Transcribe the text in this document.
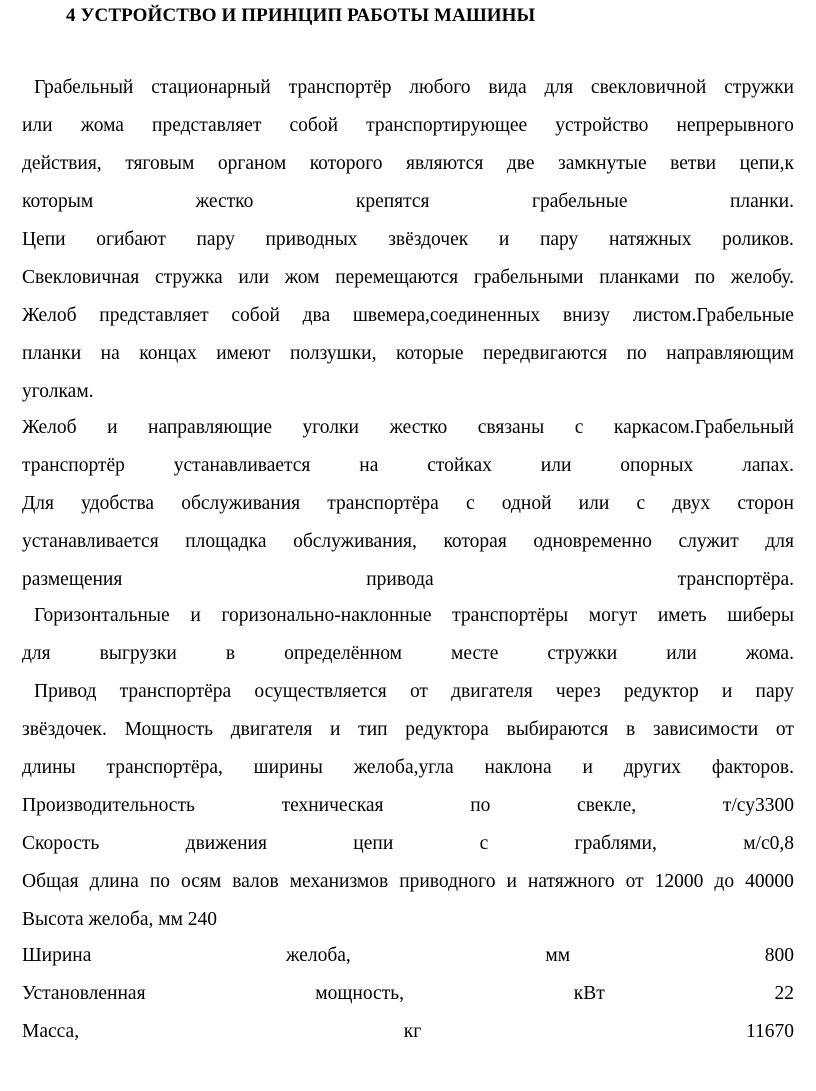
4 УСТРОЙСТВО И ПРИНЦИП РАБОТЫ МАШИНЫ
Грабельный стационарный транспортёр любого вида для свекловичной стружки
или жома представляет собой транспортирующее устройство непрерывного
действия, тяговым органом которого являются две замкнутые ветви цепи,к
которым	жестко	крепятся	грабельные	планки.
Цепи огибают пару приводных звёздочек и пару натяжных роликов.
Свекловичная стружка или жом перемещаются грабельными планками по желобу.
Желоб представляет собой два швемера,соединенных внизу листом.Грабельные
планки на концах имеют ползушки, которые передвигаются по направляющим
уголкам.
Желоб и направляющие уголки жестко связаны с каркасом.Грабельный
транспортёр	устанавливается	на	стойках	или	опорных	лапах.
Для удобства обслуживания транспортёра с одной или с двух сторон
устанавливается площадка обслуживания, которая одновременно служит для
размещения	привода	транспортёра.
Горизонтальные и горизонально-наклонные транспортёры могут иметь шиберы
для	выгрузки	в	определённом	месте	стружки	или	жома.
Привод транспортёра осуществляется от двигателя через редуктор и пару
звёздочек. Мощность двигателя и тип редуктора выбираются в зависимости от
длины транспортёра, ширины желоба,угла наклона и других факторов.
Производительность	техническая	по	свекле,	т/су3300
Скорость	движения	цепи	с	граблями,	м/с0,8
Общая длина по осям валов механизмов приводного и натяжного от 12000 до 40000
Высота желоба, мм 240
Ширина	желоба,	мм	800
Установленная	мощность,	кВт	22
Масса,	кг	11670
